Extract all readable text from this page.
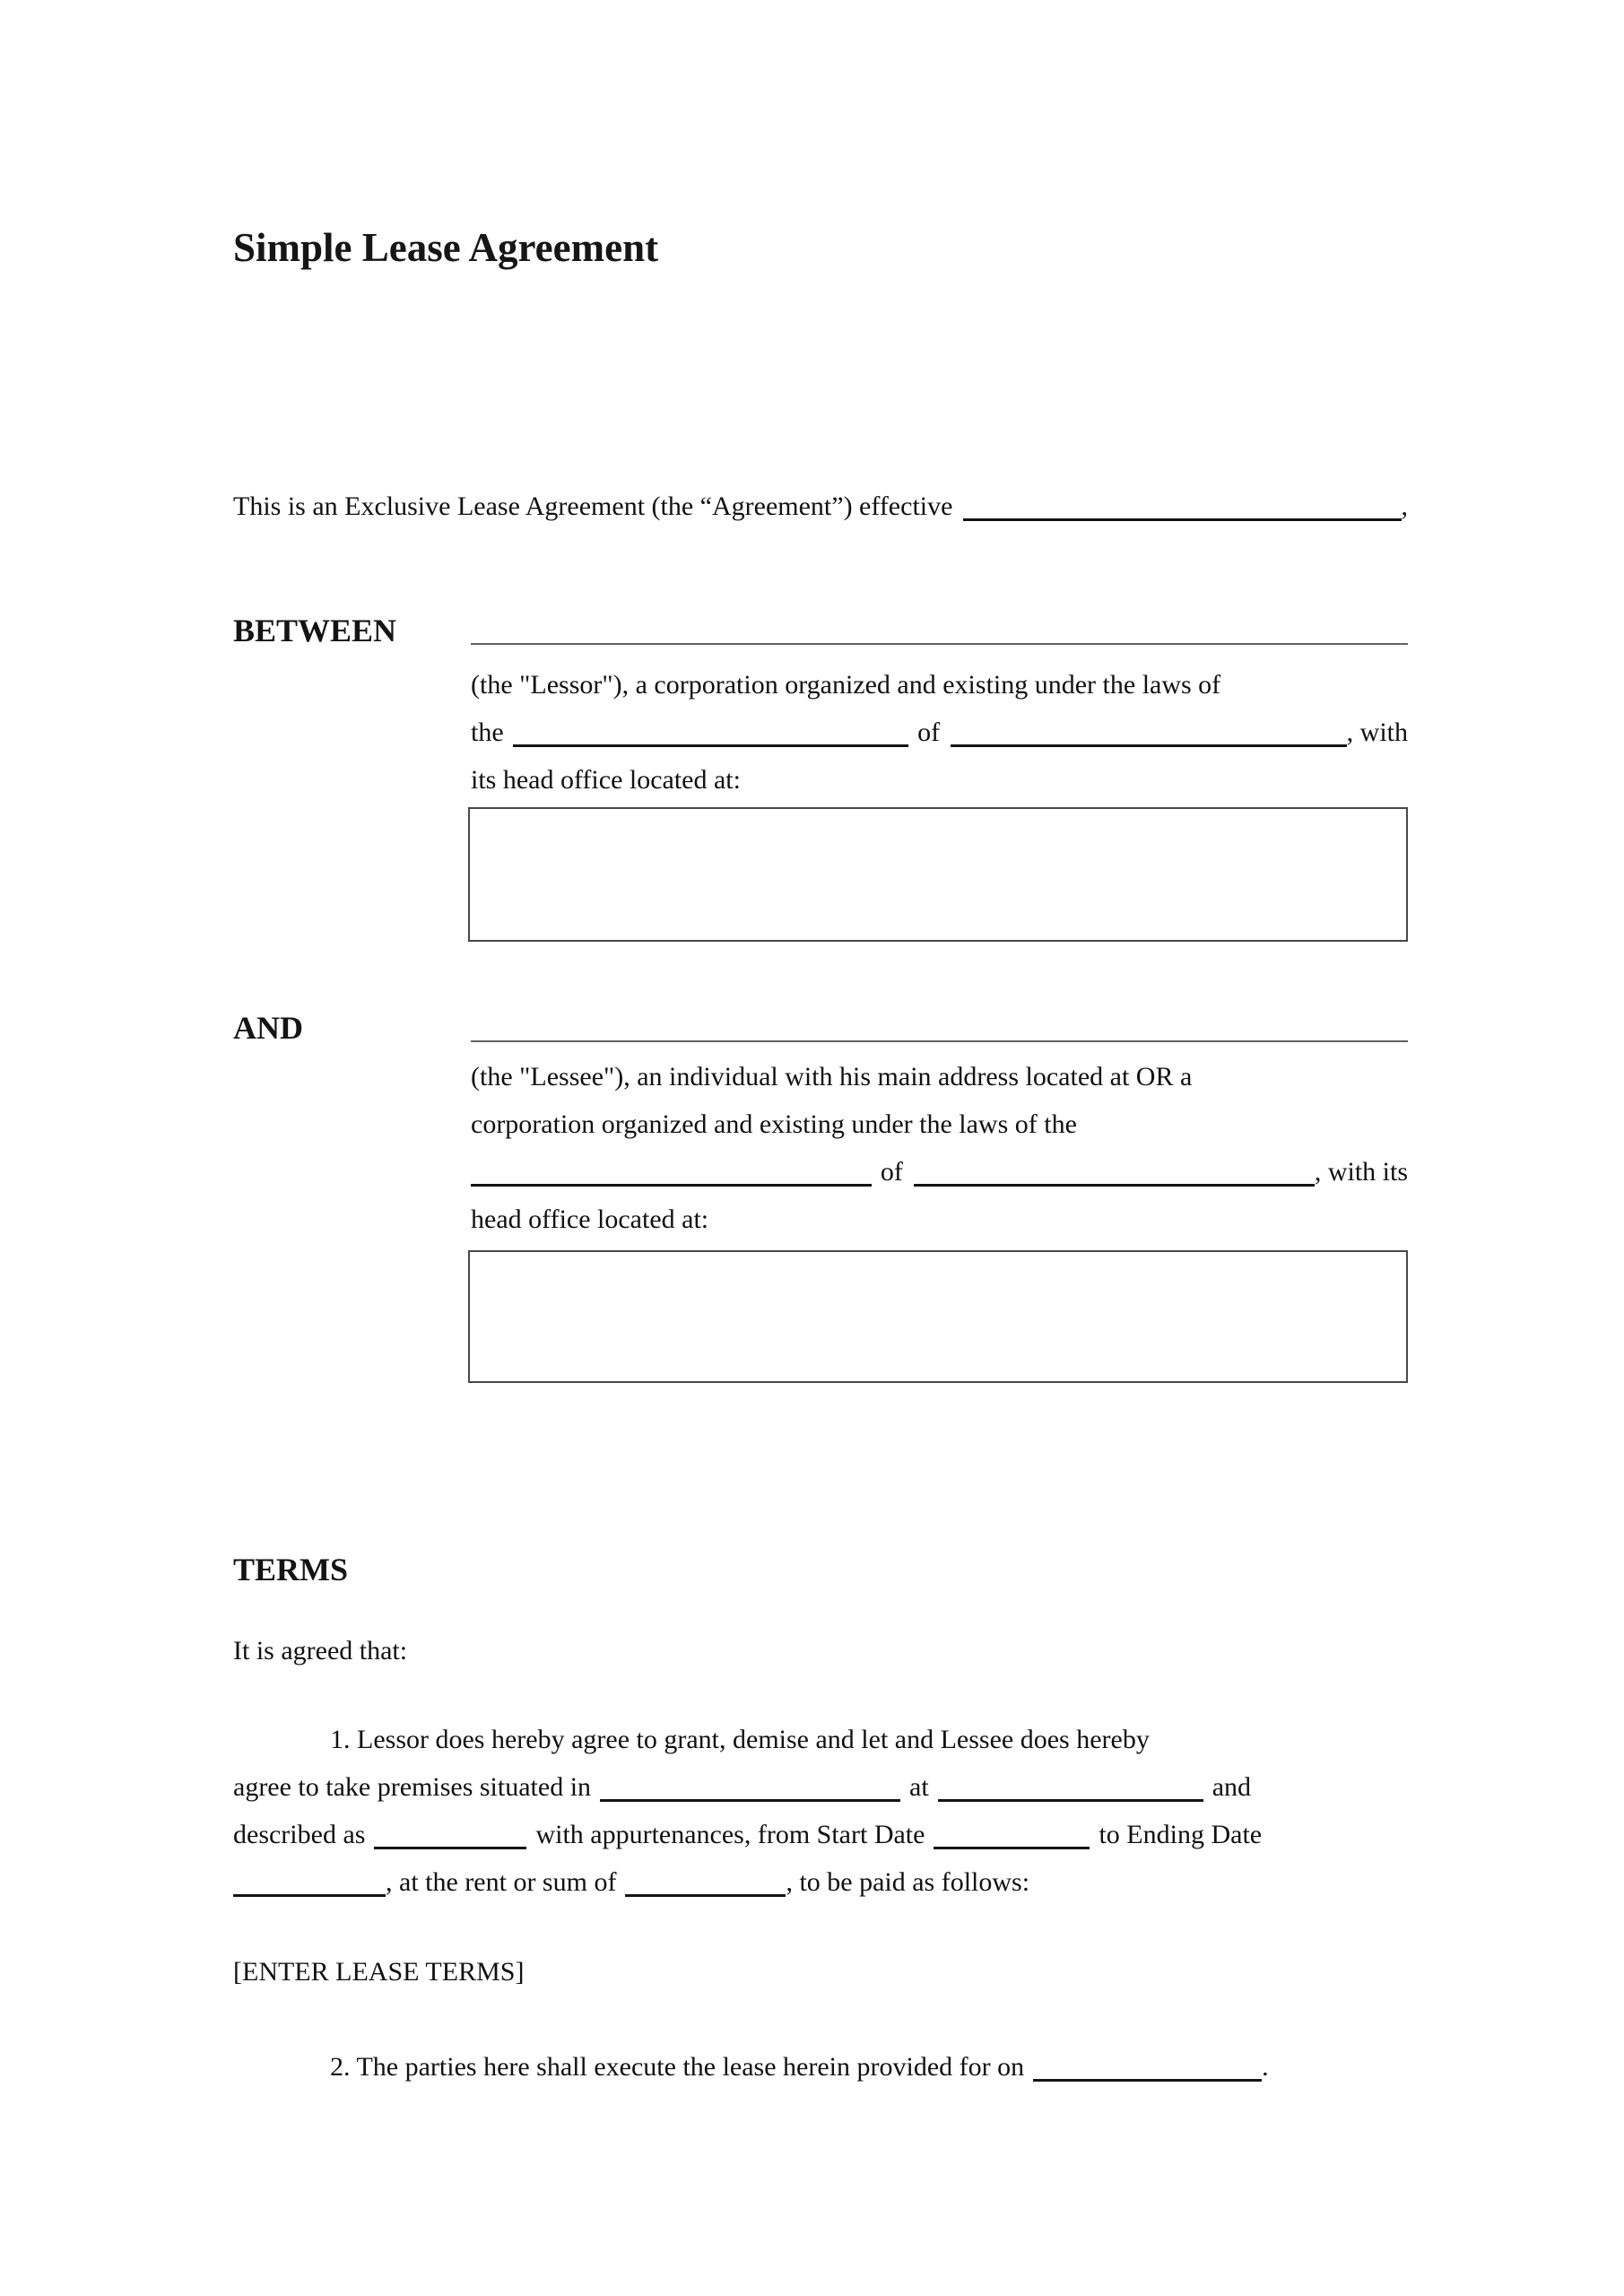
Simple Lease Agreement
This is an Exclusive Lease Agreement (the “Agreement”) effective	,
BETWEEN
(the "Lessor"), a corporation organized and existing under the laws of
the	of	, with
its head office located at:
AND
(the "Lessee"), an individual with his main address located at OR a
corporation organized and existing under the laws of the
of	, with its
head office located at:
TERMS
It is agreed that:
1. Lessor does hereby agree to grant, demise and let and Lessee does hereby
agree to take premises situated in	at	and
described as	with appurtenances, from Start Date	to Ending Date
, at the rent or sum of	, to be paid as follows:
[ENTER LEASE TERMS]
2. The parties here shall execute the lease herein provided for on	.
